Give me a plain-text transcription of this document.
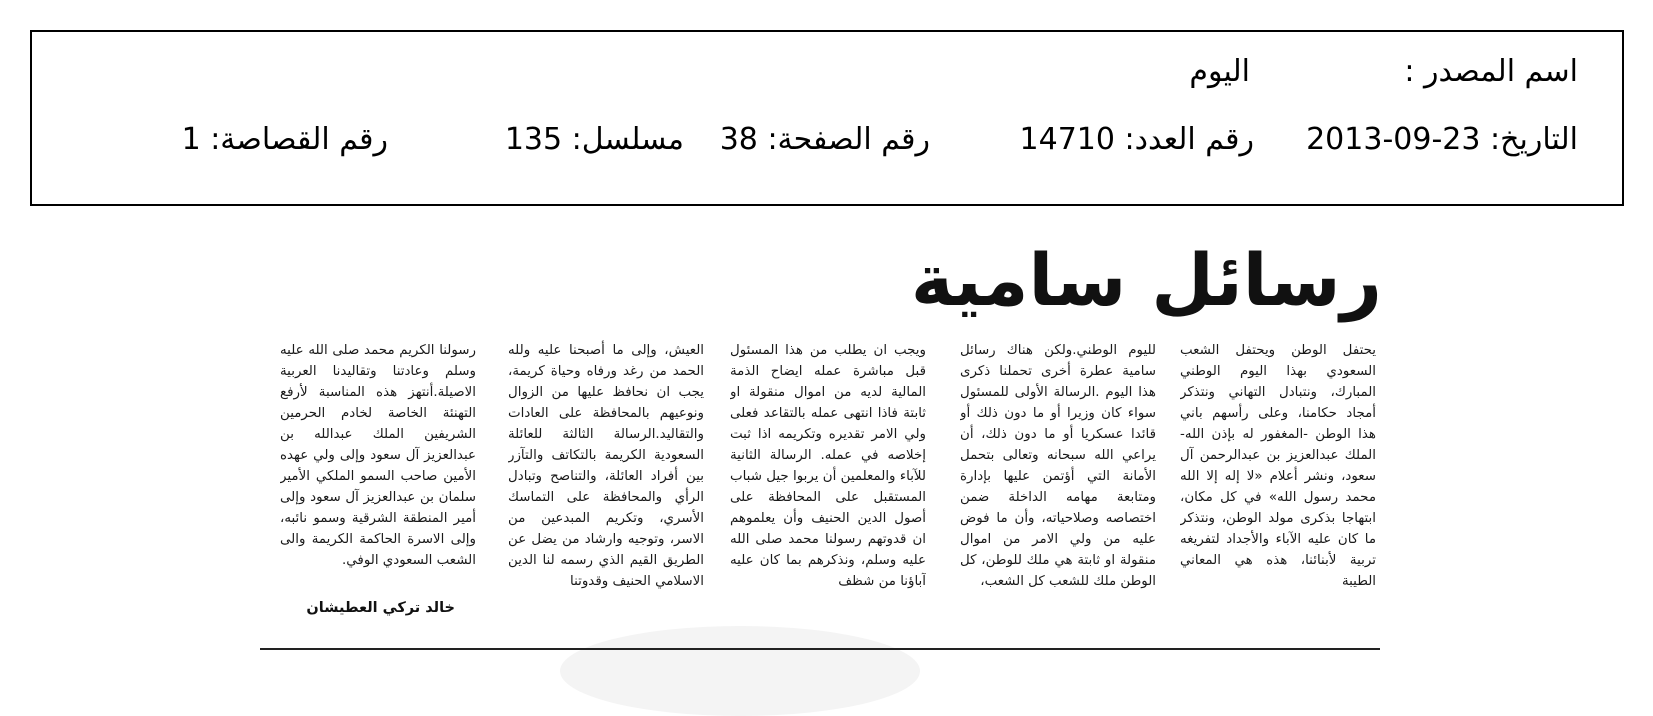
اسم المصدر :
اليوم
التاريخ: 23-09-2013
رقم العدد: 14710
رقم الصفحة: 38
مسلسل: 135
رقم القصاصة: 1
رسائل سامية

يحتفل الوطن ويحتفل الشعب السعودي بهذا اليوم الوطني المبارك، ونتبادل التهاني ونتذكر أمجاد حكامنا، وعلى رأسهم باني هذا الوطن -المغفور له بإذن الله- الملك عبدالعزيز بن عبدالرحمن آل سعود، ونشر أعلام «لا إله إلا الله محمد رسول الله» في كل مكان، ابتهاجا بذكرى مولد الوطن، ونتذكر ما كان عليه الآباء والأجداد لتفريغه تربية لأبنائنا، هذه هي المعاني الطيبة

لليوم الوطني.ولكن هناك رسائل سامية عطرة أخرى تحملنا ذكرى هذا اليوم .الرسالة الأولى للمسئول سواء كان وزيرا أو ما دون ذلك أو قائدا عسكريا أو ما دون ذلك، أن يراعي الله سبحانه وتعالى بتحمل الأمانة التي أؤتمن عليها بإدارة ومتابعة مهامه الداخلة ضمن اختصاصه وصلاحياته، وأن ما فوض عليه من ولي الامر من اموال منقولة او ثابتة هي ملك للوطن، كل الوطن ملك للشعب كل الشعب،

ويجب ان يطلب من هذا المسئول قبل مباشرة عمله ايضاح الذمة المالية لديه من اموال منقولة او ثابتة فاذا انتهى عمله بالتقاعد فعلى ولي الامر تقديره وتكريمه اذا ثبت إخلاصه في عمله. الرسالة الثانية للآباء والمعلمين أن يربوا جيل شباب المستقبل على المحافظة على أصول الدين الحنيف وأن يعلموهم ان قدوتهم رسولنا محمد صلى الله عليه وسلم، ونذكرهم بما كان عليه آباؤنا من شظف

العيش، وإلى ما أصبحنا عليه ولله الحمد من رغد ورفاه وحياة كريمة، يجب ان نحافظ عليها من الزوال ونوعيهم بالمحافظة على العادات والتقاليد.الرسالة الثالثة للعائلة السعودية الكريمة بالتكاتف والتآزر بين أفراد العائلة، والتناصح وتبادل الرأي والمحافظة على التماسك الأسري، وتكريم المبدعين من الاسر، وتوجيه وارشاد من يضل عن الطريق القيم الذي رسمه لنا الدين الاسلامي الحنيف وقدوتنا

رسولنا الكريم محمد صلى الله عليه وسلم وعادتنا وتقاليدنا العربية الاصيلة.أنتهز هذه المناسبة لأرفع التهنئة الخاصة لخادم الحرمين الشريفين الملك عبدالله بن عبدالعزيز آل سعود وإلى ولي عهده الأمين صاحب السمو الملكي الأمير سلمان بن عبدالعزيز آل سعود وإلى أمير المنطقة الشرقية وسمو نائبه، وإلى الاسرة الحاكمة الكريمة والى الشعب السعودي الوفي.

خالد تركي العطيشان
